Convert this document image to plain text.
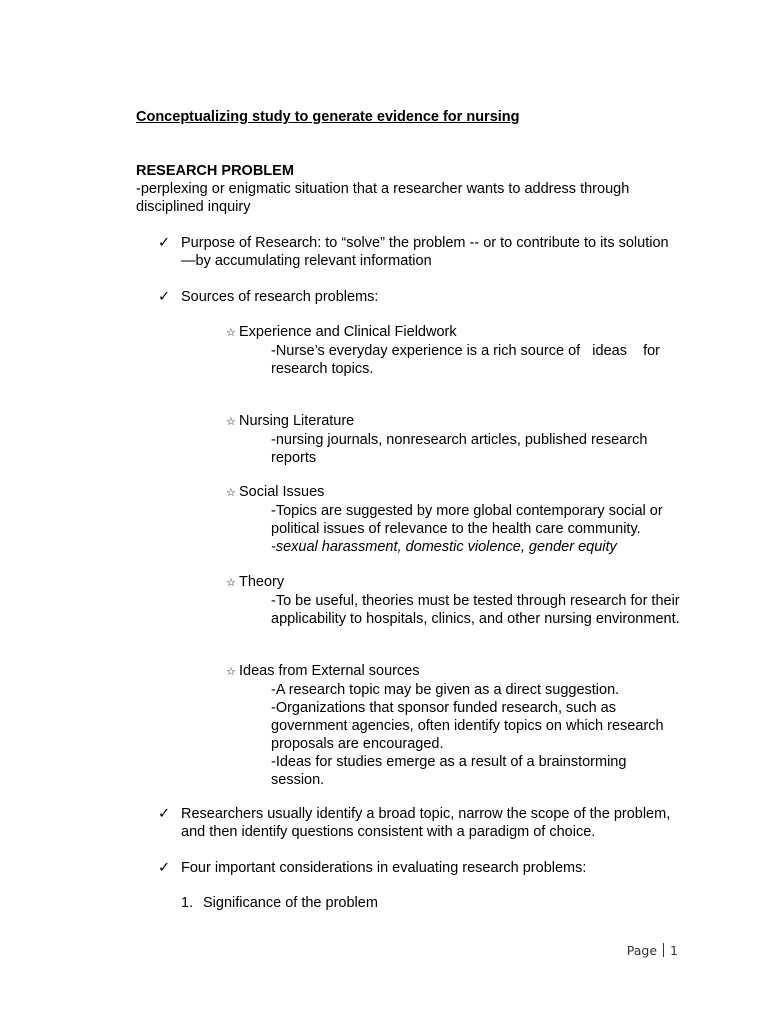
Conceptualizing study to generate evidence for nursing
RESEARCH PROBLEM
-perplexing or enigmatic situation that a researcher wants to address through disciplined inquiry
✓ Purpose of Research: to “solve” the problem -- or to contribute to its solution—by accumulating relevant information
✓ Sources of research problems:
☆ Experience and Clinical Fieldwork
-Nurse’s everyday experience is a rich source of   ideas    for research topics.
☆ Nursing Literature
-nursing journals, nonresearch articles, published research reports
☆ Social Issues
-Topics are suggested by more global contemporary social or political issues of relevance to the health care community.
-sexual harassment, domestic violence, gender equity
☆ Theory
-To be useful, theories must be tested through research for their applicability to hospitals, clinics, and other nursing environment.
☆ Ideas from External sources
-A research topic may be given as a direct suggestion.
-Organizations that sponsor funded research, such as government agencies, often identify topics on which research proposals are encouraged.
-Ideas for studies emerge as a result of a brainstorming session.
✓ Researchers usually identify a broad topic, narrow the scope of the problem, and then identify questions consistent with a paradigm of choice.
✓ Four important considerations in evaluating research problems:
1. Significance of the problem
Page 1
